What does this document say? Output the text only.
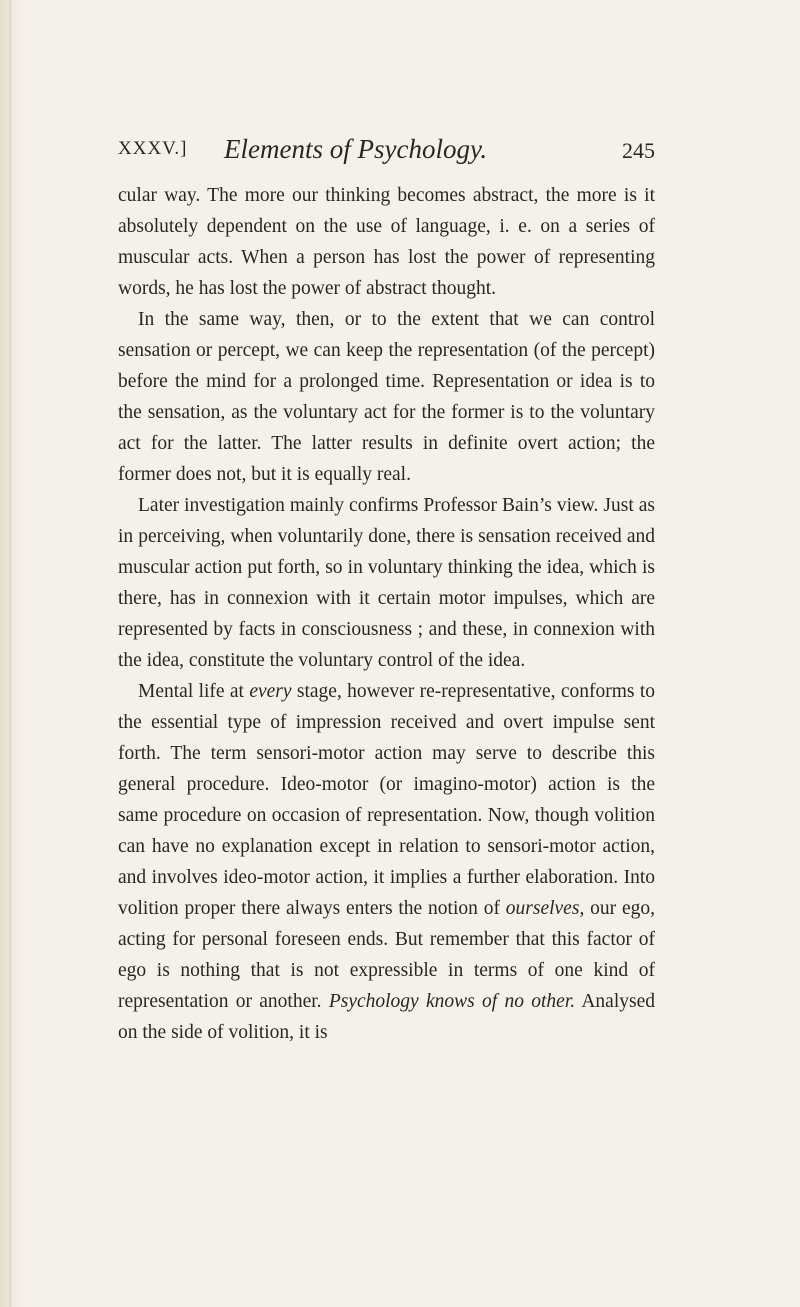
XXXV.] Elements of Psychology.	245

cular way. The more our thinking becomes abstract, the more is it absolutely dependent on the use of language, i. e. on a series of muscular acts. When a person has lost the power of representing words, he has lost the power of abstract thought.

In the same way, then, or to the extent that we can control sensation or percept, we can keep the representation (of the percept) before the mind for a prolonged time. Representation or idea is to the sensation, as the voluntary act for the former is to the voluntary act for the latter. The latter results in definite overt action; the former does not, but it is equally real.

Later investigation mainly confirms Professor Bain’s view. Just as in perceiving, when voluntarily done, there is sensation received and muscular action put forth, so in voluntary thinking the idea, which is there, has in connexion with it certain motor impulses, which are represented by facts in consciousness ; and these, in connexion with the idea, constitute the voluntary control of the idea.

Mental life at every stage, however re-representative, conforms to the essential type of impression received and overt impulse sent forth. The term sensori-motor action may serve to describe this general procedure. Ideo-motor (or imagino-motor) action is the same procedure on occasion of representation. Now, though volition can have no explanation except in relation to sensori-motor action, and involves ideo-motor action, it implies a further elaboration. Into volition proper there always enters the notion of ourselves, our ego, acting for personal foreseen ends. But remember that this factor of ego is nothing that is not expressible in terms of one kind of representation or another. Psychology knows of no other. Analysed on the side of volition, it is
